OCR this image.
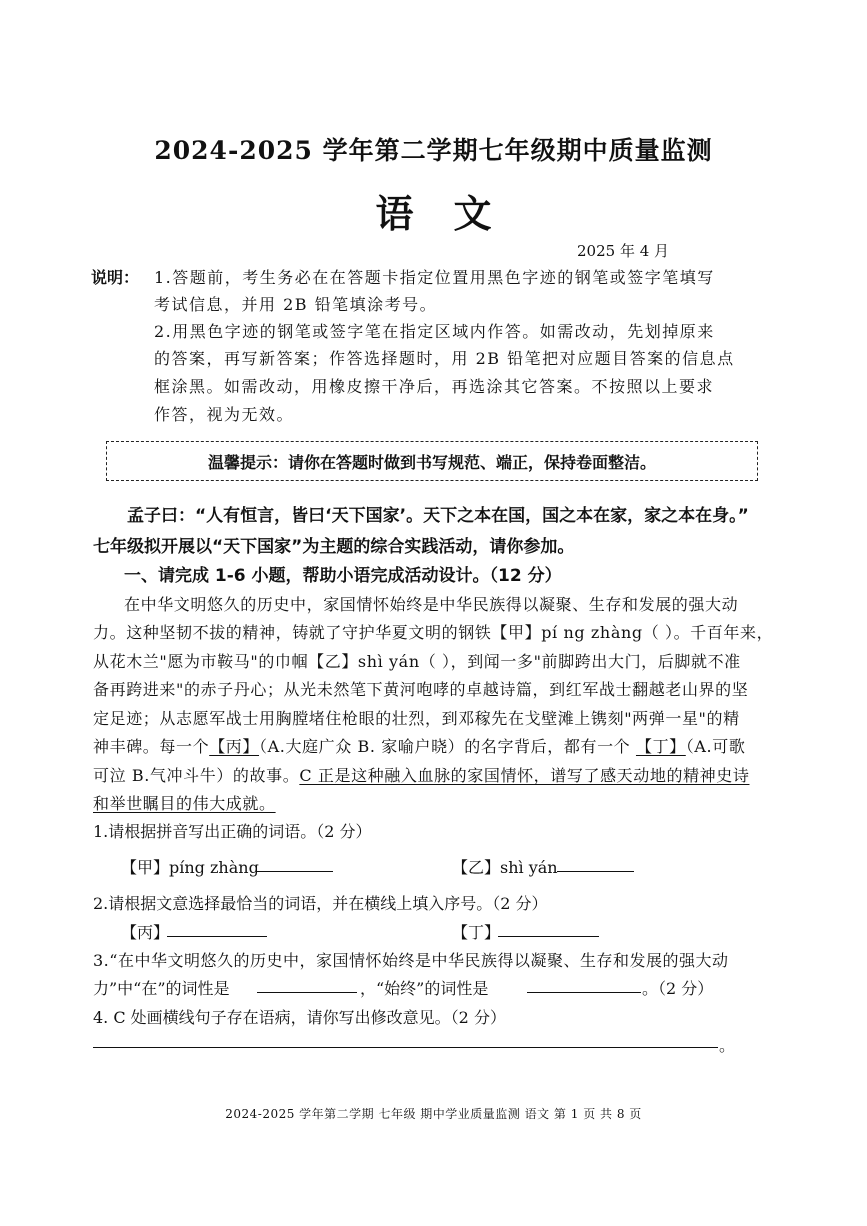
2024-2025 学年第二学期七年级期中质量监测
语文
2025 年 4 月
说明： 1.答题前，考生务必在在答题卡指定位置用黑色字迹的钢笔或签字笔填写
考试信息，并用 2B 铅笔填涂考号。
2.用黑色字迹的钢笔或签字笔在指定区域内作答。如需改动，先划掉原来
的答案，再写新答案；作答选择题时，用 2B 铅笔把对应题目答案的信息点
框涂黑。如需改动，用橡皮擦干净后，再选涂其它答案。不按照以上要求
作答，视为无效。
温馨提示：请你在答题时做到书写规范、端正，保持卷面整洁。
孟子曰：“人有恒言，皆曰‘天下国家’。天下之本在国，国之本在家，家之本在身。”
七年级拟开展以“天下国家”为主题的综合实践活动，请你参加。
一、请完成 1-6 小题，帮助小语完成活动设计。（12 分）
在中华文明悠久的历史中，家国情怀始终是中华民族得以凝聚、生存和发展的强大动
力。这种坚韧不拔的精神，铸就了守护华夏文明的钢铁【甲】pí ng zhàng（ ）。千百年来，
从花木兰"愿为市鞍马"的巾帼【乙】shì yán（ ），到闻一多"前脚跨出大门，后脚就不准
备再跨进来"的赤子丹心；从光未然笔下黄河咆哮的卓越诗篇，到红军战士翻越老山界的坚
定足迹；从志愿军战士用胸膛堵住枪眼的壮烈，到邓稼先在戈壁滩上镌刻"两弹一星"的精
神丰碑。每一个【丙】（A.大庭广众 B. 家喻户晓）的名字背后，都有一个 【丁】（A.可歌
可泣 B.气冲斗牛）的故事。C 正是这种融入血脉的家国情怀，谱写了感天动地的精神史诗
和举世瞩目的伟大成就。
1.请根据拼音写出正确的词语。（2 分）
【甲】píng zhàng	【乙】shì yán
2.请根据文意选择最恰当的词语，并在横线上填入序号。（2 分）
【丙】	【丁】
3.“在中华文明悠久的历史中，家国情怀始终是中华民族得以凝聚、生存和发展的强大动
力”中“在”的词性是	，“始终”的词性是	。（2 分）
4. C 处画横线句子存在语病，请你写出修改意见。（2 分）
。
2024-2025 学年第二学期 七年级 期中学业质量监测 语文 第 1 页 共 8 页
